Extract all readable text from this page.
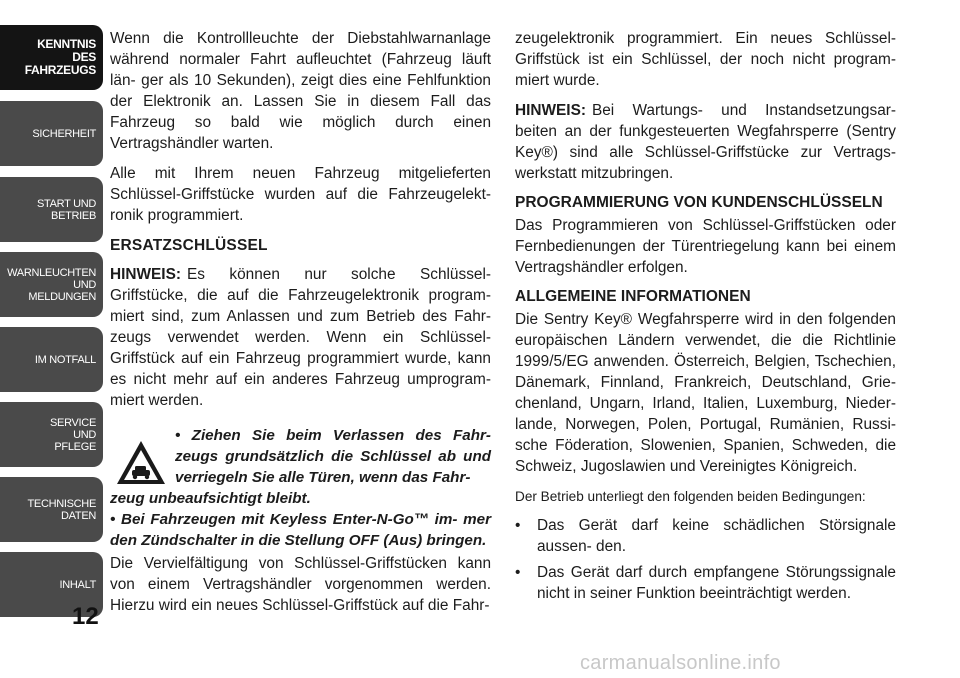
KENNTNIS
DES
FAHRZEUGS
SICHERHEIT
START UND
BETRIEB
WARNLEUCHTEN
UND
MELDUNGEN
IM NOTFALL
SERVICE
UND
PFLEGE
TECHNISCHE
DATEN
INHALT
12

Wenn die Kontrollleuchte der Diebstahlwarnanlage während normaler Fahrt aufleuchtet (Fahrzeug läuft län- ger als 10 Sekunden), zeigt dies eine Fehlfunktion der Elektronik an. Lassen Sie in diesem Fall das Fahrzeug so bald wie möglich durch einen Vertragshändler warten.

Alle mit Ihrem neuen Fahrzeug mitgelieferten Schlüssel-Griffstücke wurden auf die Fahrzeugelekt- ronik programmiert.

ERSATZSCHLÜSSEL

HINWEIS: Es können nur solche Schlüssel- Griffstücke, die auf die Fahrzeugelektronik program- miert sind, zum Anlassen und zum Betrieb des Fahr- zeugs verwendet werden. Wenn ein Schlüssel- Griffstück auf ein Fahrzeug programmiert wurde, kann es nicht mehr auf ein anderes Fahrzeug umprogram- miert werden.

• Ziehen Sie beim Verlassen des Fahr- zeugs grundsätzlich die Schlüssel ab und verriegeln Sie alle Türen, wenn das Fahr-
zeug unbeaufsichtigt bleibt.
• Bei Fahrzeugen mit Keyless Enter-N-Go™ im- mer den Zündschalter in die Stellung OFF (Aus) bringen.

Die Vervielfältigung von Schlüssel-Griffstücken kann von einem Vertragshändler vorgenommen werden. Hierzu wird ein neues Schlüssel-Griffstück auf die Fahr-

zeugelektronik programmiert. Ein neues Schlüssel- Griffstück ist ein Schlüssel, der noch nicht program- miert wurde.

HINWEIS: Bei Wartungs- und Instandsetzungsar- beiten an der funkgesteuerten Wegfahrsperre (Sentry Key®) sind alle Schlüssel-Griffstücke zur Vertrags- werkstatt mitzubringen.

PROGRAMMIERUNG VON KUNDENSCHLÜSSELN

Das Programmieren von Schlüssel-Griffstücken oder Fernbedienungen der Türentriegelung kann bei einem Vertragshändler erfolgen.

ALLGEMEINE INFORMATIONEN

Die Sentry Key® Wegfahrsperre wird in den folgenden europäischen Ländern verwendet, die die Richtlinie 1999/5/EG anwenden. Österreich, Belgien, Tschechien, Dänemark, Finnland, Frankreich, Deutschland, Grie- chenland, Ungarn, Irland, Italien, Luxemburg, Nieder- lande, Norwegen, Polen, Portugal, Rumänien, Russi- sche Föderation, Slowenien, Spanien, Schweden, die Schweiz, Jugoslawien und Vereinigtes Königreich.

Der Betrieb unterliegt den folgenden beiden Bedingungen:

• Das Gerät darf keine schädlichen Störsignale aussen- den.
• Das Gerät darf durch empfangene Störungssignale nicht in seiner Funktion beeinträchtigt werden.
carmanualsonline.info
